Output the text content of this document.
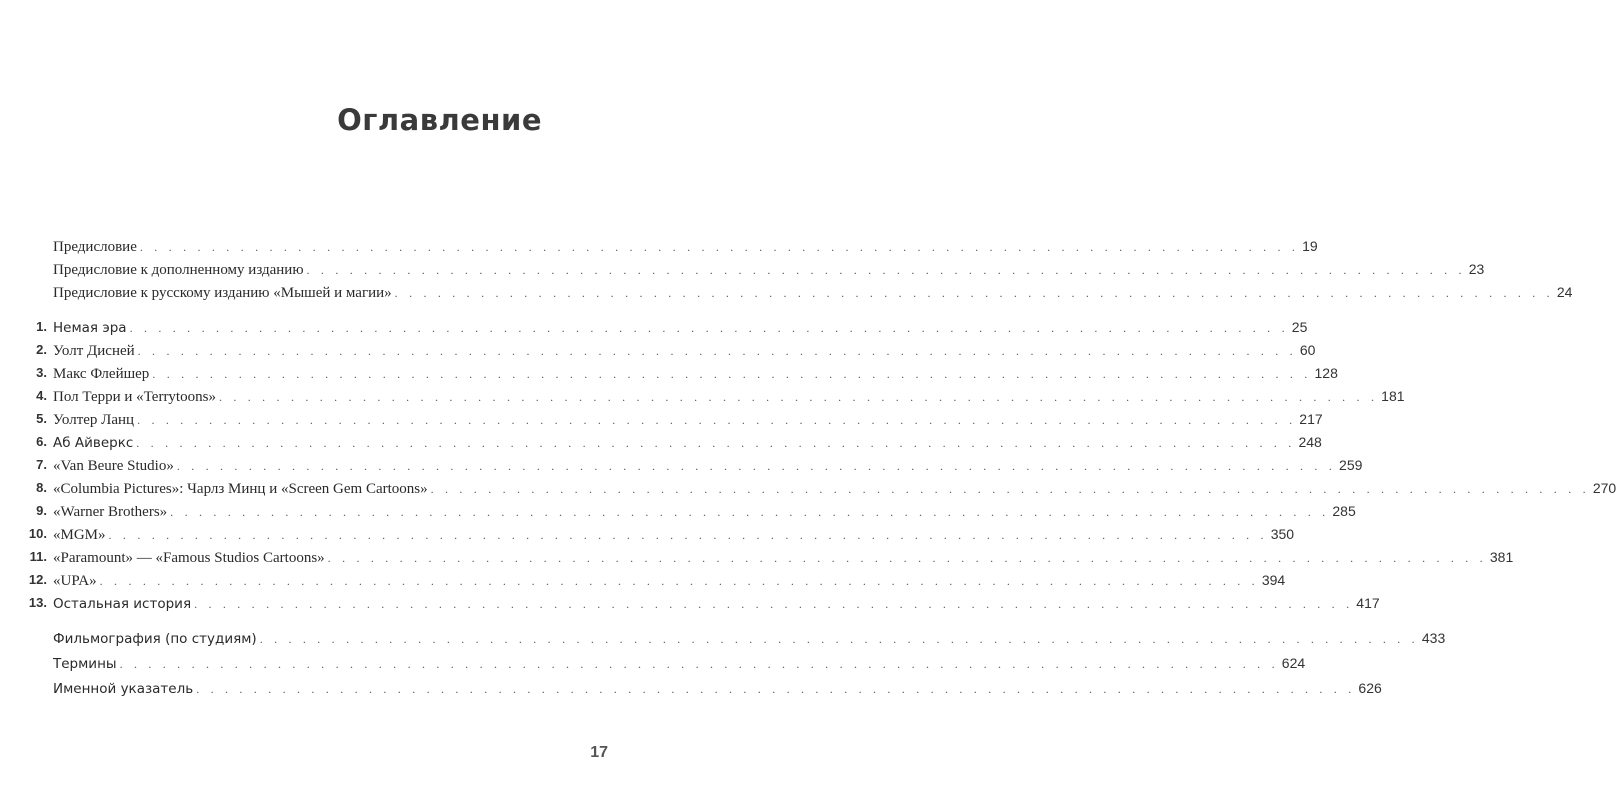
Оглавление
Предисловие . . . . . . . . . . . . . . . . . . . . . . . . . . . . . . . . . . . . . . . . . . . . . . . . . . . . . . . . . . . . . . . . . . . . . . . . . . . . . . . . . 19
Предисловие к дополненному изданию . . . . . . . . . . . . . . . . . . . . . . . . . . . . . . . . . . . . . . . . . . . . . . . . . . . . . . . . . . . . . . . . . . . . . . . . . . . . . . . . . 23
Предисловие к русскому изданию «Мышей и магии» . . . . . . . . . . . . . . . . . . . . . . . . . . . . . . . . . . . . . . . . . . . . . . . . . . . . . . . . . . . . . . . . . . . . . . . . . . . . . . . . . 24
1. Немая эра . . . . . . . . . . . . . . . . . . . . . . . . . . . . . . . . . . . . . . . . . . . . . . . . . . . . . . . . . . . . . . . . . . . . . . . . . . . . . . . . . 25
2. Уолт Дисней . . . . . . . . . . . . . . . . . . . . . . . . . . . . . . . . . . . . . . . . . . . . . . . . . . . . . . . . . . . . . . . . . . . . . . . . . . . . . . . . . 60
3. Макс Флейшер . . . . . . . . . . . . . . . . . . . . . . . . . . . . . . . . . . . . . . . . . . . . . . . . . . . . . . . . . . . . . . . . . . . . . . . . . . . . . . . . . 128
4. Пол Терри и «Terrytoons» . . . . . . . . . . . . . . . . . . . . . . . . . . . . . . . . . . . . . . . . . . . . . . . . . . . . . . . . . . . . . . . . . . . . . . . . . . . . . . . . . 181
5. Уолтер Ланц . . . . . . . . . . . . . . . . . . . . . . . . . . . . . . . . . . . . . . . . . . . . . . . . . . . . . . . . . . . . . . . . . . . . . . . . . . . . . . . . . 217
6. Аб Айверкс . . . . . . . . . . . . . . . . . . . . . . . . . . . . . . . . . . . . . . . . . . . . . . . . . . . . . . . . . . . . . . . . . . . . . . . . . . . . . . . . . 248
7. «Van Beure Studio» . . . . . . . . . . . . . . . . . . . . . . . . . . . . . . . . . . . . . . . . . . . . . . . . . . . . . . . . . . . . . . . . . . . . . . . . . . . . . . . . . 259
8. «Columbia Pictures»: Чарлз Минц и «Screen Gem Cartoons» . . . . . . . . . . . . . . . . . . . . . . . . . . . . . . . . . . . . . . . . . . . . . . . . . . . . . . . . . . . . . . . . . . . . . . . . . . . . . . . . . 270
9. «Warner Brothers» . . . . . . . . . . . . . . . . . . . . . . . . . . . . . . . . . . . . . . . . . . . . . . . . . . . . . . . . . . . . . . . . . . . . . . . . . . . . . . . . . 285
10. «MGM» . . . . . . . . . . . . . . . . . . . . . . . . . . . . . . . . . . . . . . . . . . . . . . . . . . . . . . . . . . . . . . . . . . . . . . . . . . . . . . . . . 350
11. «Paramount» — «Famous Studios Cartoons» . . . . . . . . . . . . . . . . . . . . . . . . . . . . . . . . . . . . . . . . . . . . . . . . . . . . . . . . . . . . . . . . . . . . . . . . . . . . . . . . . 381
12. «UPA» . . . . . . . . . . . . . . . . . . . . . . . . . . . . . . . . . . . . . . . . . . . . . . . . . . . . . . . . . . . . . . . . . . . . . . . . . . . . . . . . . 394
13. Остальная история . . . . . . . . . . . . . . . . . . . . . . . . . . . . . . . . . . . . . . . . . . . . . . . . . . . . . . . . . . . . . . . . . . . . . . . . . . . . . . . . . 417
Фильмография (по студиям) . . . . . . . . . . . . . . . . . . . . . . . . . . . . . . . . . . . . . . . . . . . . . . . . . . . . . . . . . . . . . . . . . . . . . . . . . . . . . . . . . 433
Термины . . . . . . . . . . . . . . . . . . . . . . . . . . . . . . . . . . . . . . . . . . . . . . . . . . . . . . . . . . . . . . . . . . . . . . . . . . . . . . . . . 624
Именной указатель . . . . . . . . . . . . . . . . . . . . . . . . . . . . . . . . . . . . . . . . . . . . . . . . . . . . . . . . . . . . . . . . . . . . . . . . . . . . . . . . . 626
17
